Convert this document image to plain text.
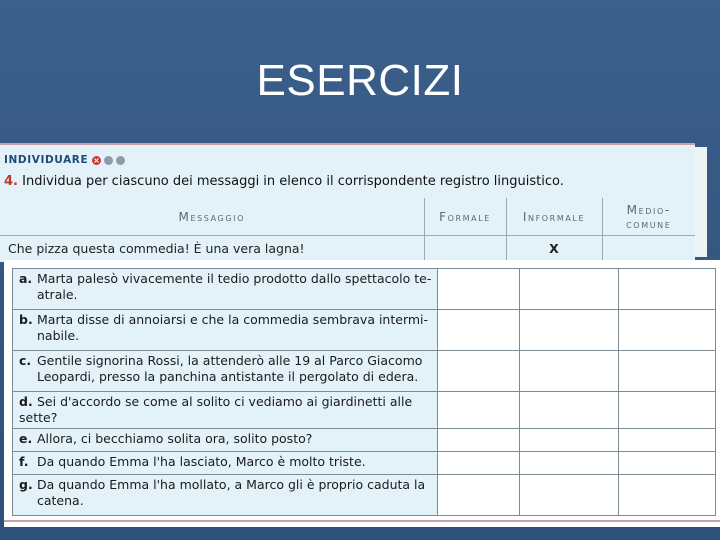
ESERCIZI
INDIVIDUARE ×
4. Individua per ciascuno dei messaggi in elenco il corrispondente registro linguistico.
Messaggio	Formale	Informale	Medio-
comune

Che pizza questa commedia! È una vera lagna!		X	
a. Marta palesò vivacemente il tedio prodotto dallo spettacolo te-
atrale.			

b. Marta disse di annoiarsi e che la commedia sembrava intermi-
nabile.			

c. Gentile signorina Rossi, la attenderò alle 19 al Parco Giacomo
Leopardi, presso la panchina antistante il pergolato di edera.			

d. Sei d'accordo se come al solito ci vediamo ai giardinetti alle sette?			
e. Allora, ci becchiamo solita ora, solito posto?			
f. Da quando Emma l'ha lasciato, Marco è molto triste.			
g. Da quando Emma l'ha mollato, a Marco gli è proprio caduta la
catena.			
